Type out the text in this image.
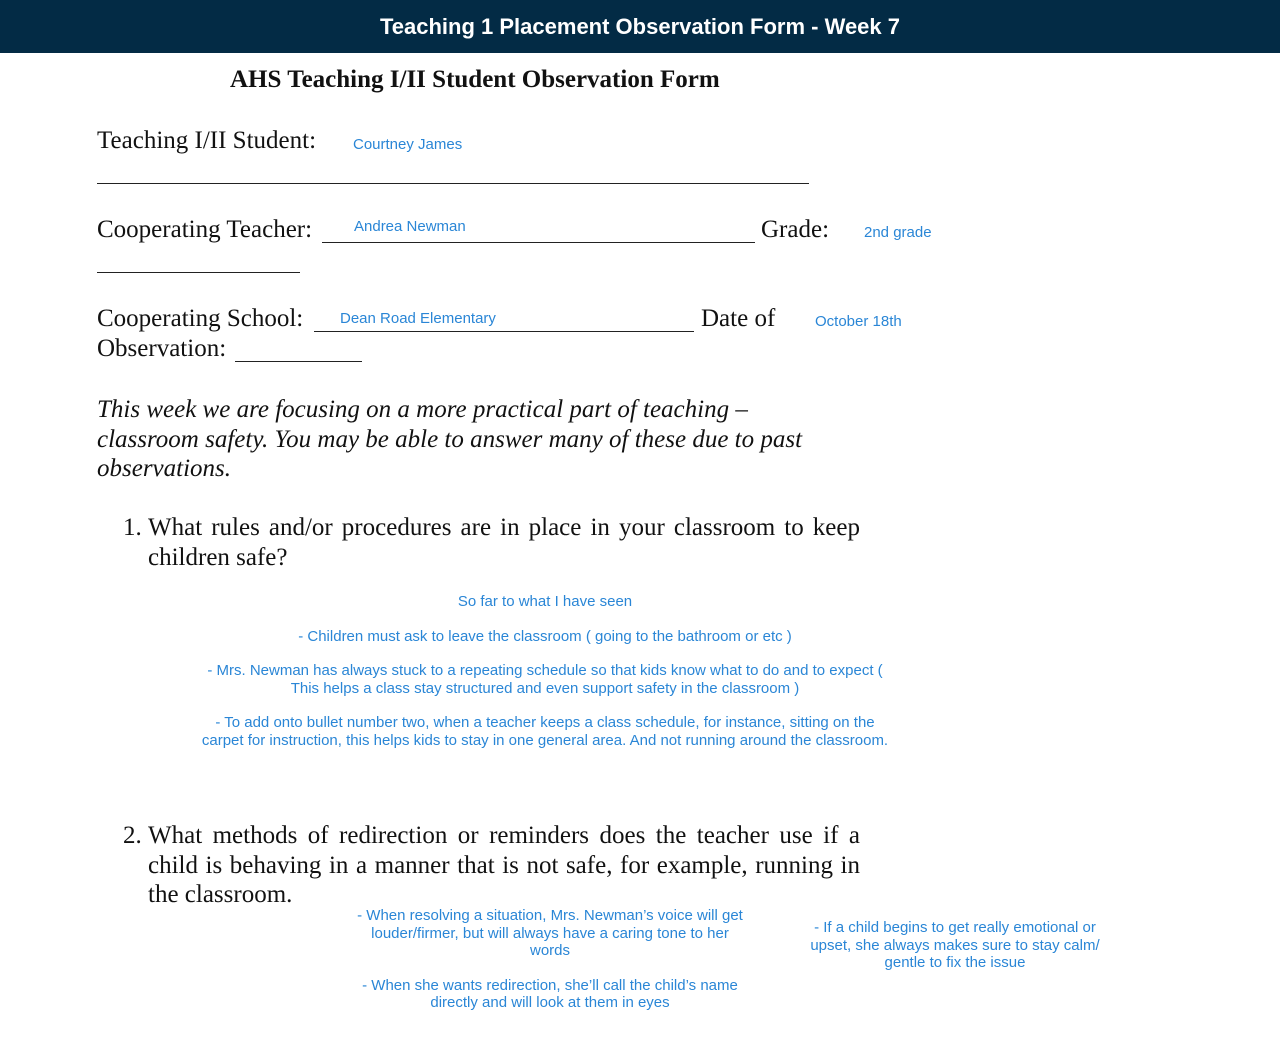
Teaching 1 Placement Observation Form - Week 7
AHS Teaching I/II Student Observation Form
Teaching I/II Student: Courtney James
Cooperating Teacher:	Andrea Newman	Grade: 2nd grade
Cooperating School: Dean Road Elementary	Date of	October 18th
Observation:
This week we are focusing on a more practical part of teaching – classroom safety. You may be able to answer many of these due to past observations.
1. What rules and/or procedures are in place in your classroom to keep children safe?
So far to what I have seen
- Children must ask to leave the classroom ( going to the bathroom or etc )
- Mrs. Newman has always stuck to a repeating schedule so that kids know what to do and to expect ( This helps a class stay structured and even support safety in the classroom )
- To add onto bullet number two, when a teacher keeps a class schedule, for instance, sitting on the carpet for instruction, this helps kids to stay in one general area. And not running around the classroom.
2. What methods of redirection or reminders does the teacher use if a child is behaving in a manner that is not safe, for example, running in the classroom.
- When resolving a situation, Mrs. Newman’s voice will get louder/firmer, but will always have a caring tone to her words
- When she wants redirection, she’ll call the child’s name directly and will look at them in eyes
- If a child begins to get really emotional or upset, she always makes sure to stay calm/ gentle to fix the issue
